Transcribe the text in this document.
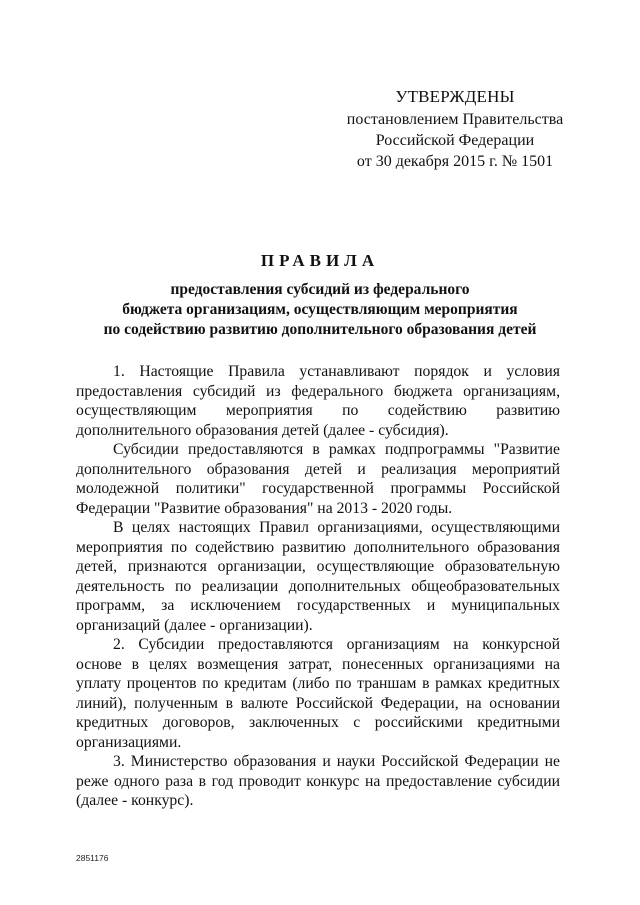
УТВЕРЖДЕНЫ
постановлением Правительства
Российской Федерации
от 30 декабря 2015 г. № 1501
ПРАВИЛА
предоставления субсидий из федерального
бюджета организациям, осуществляющим мероприятия
по содействию развитию дополнительного образования детей

1. Настоящие Правила устанавливают порядок и условия предоставления субсидий из федерального бюджета организациям, осуществляющим мероприятия по содействию развитию дополнительного образования детей (далее - субсидия).

Субсидии предоставляются в рамках подпрограммы "Развитие дополнительного образования детей и реализация мероприятий молодежной политики" государственной программы Российской Федерации "Развитие образования" на 2013 - 2020 годы.

В целях настоящих Правил организациями, осуществляющими мероприятия по содействию развитию дополнительного образования детей, признаются организации, осуществляющие образовательную деятельность по реализации дополнительных общеобразовательных программ, за исключением государственных и муниципальных организаций (далее - организации).

2. Субсидии предоставляются организациям на конкурсной основе в целях возмещения затрат, понесенных организациями на уплату процентов по кредитам (либо по траншам в рамках кредитных линий), полученным в валюте Российской Федерации, на основании кредитных договоров, заключенных с российскими кредитными организациями.

3. Министерство образования и науки Российской Федерации не реже одного раза в год проводит конкурс на предоставление субсидии (далее - конкурс).

2851176
